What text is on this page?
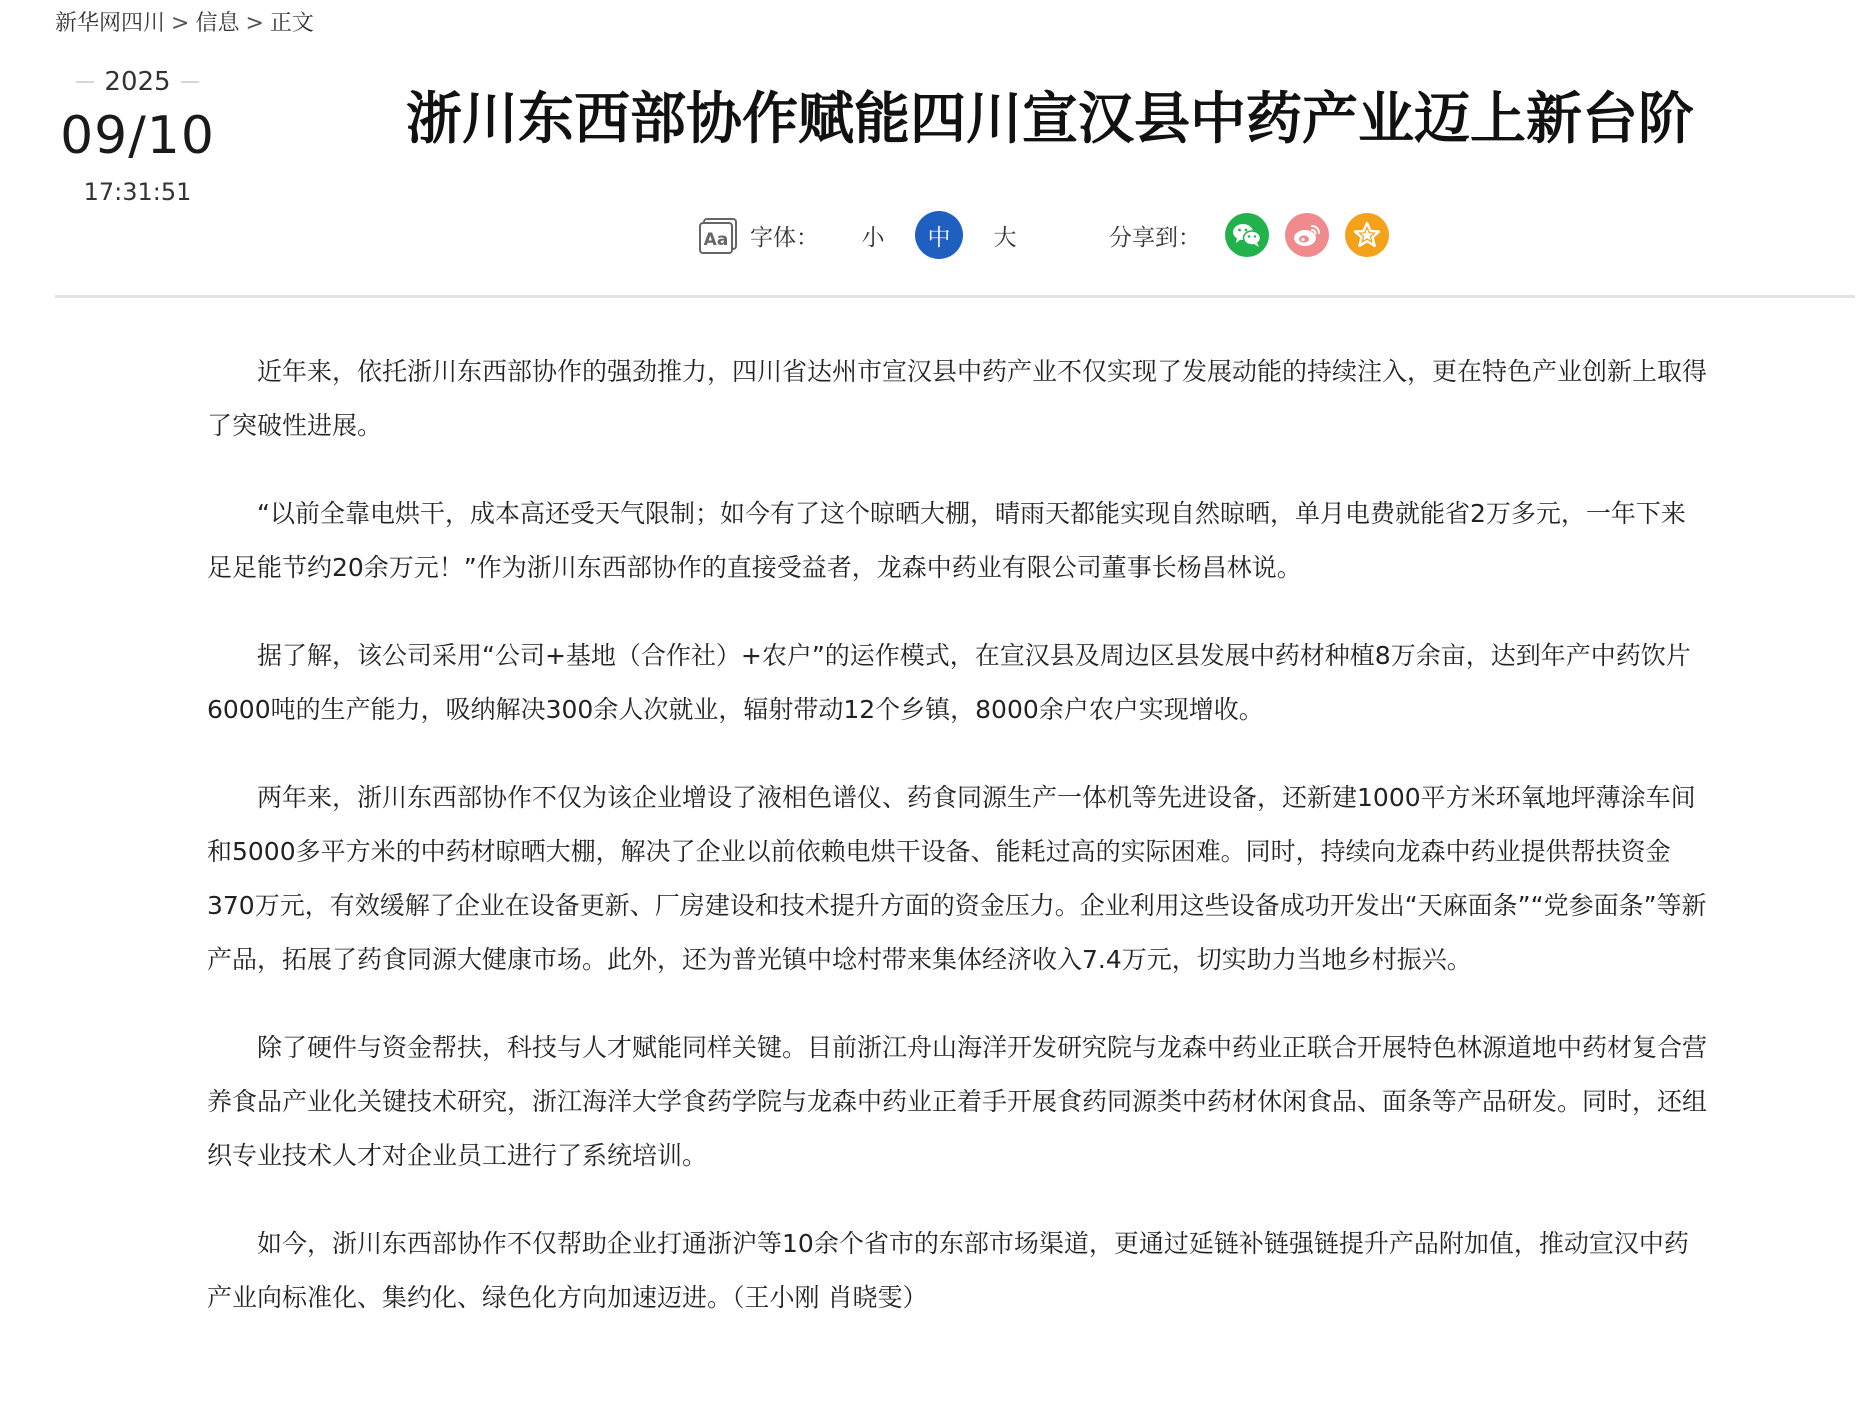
新华网四川 > 信息 > 正文
2025
09/10
17:31:51
浙川东西部协作赋能四川宣汉县中药产业迈上新台阶
Aa 字体：	小	中	大	分享到：

近年来，依托浙川东西部协作的强劲推力，四川省达州市宣汉县中药产业不仅实现了发展动能的持续注入，更在特色产业创新上取得了突破性进展。

“以前全靠电烘干，成本高还受天气限制；如今有了这个晾晒大棚，晴雨天都能实现自然晾晒，单月电费就能省2万多元，一年下来足足能节约20余万元！”作为浙川东西部协作的直接受益者，龙森中药业有限公司董事长杨昌林说。

据了解，该公司采用“公司+基地（合作社）+农户”的运作模式，在宣汉县及周边区县发展中药材种植8万余亩，达到年产中药饮片6000吨的生产能力，吸纳解决300余人次就业，辐射带动12个乡镇，8000余户农户实现增收。

两年来，浙川东西部协作不仅为该企业增设了液相色谱仪、药食同源生产一体机等先进设备，还新建1000平方米环氧地坪薄涂车间和5000多平方米的中药材晾晒大棚，解决了企业以前依赖电烘干设备、能耗过高的实际困难。同时，持续向龙森中药业提供帮扶资金370万元，有效缓解了企业在设备更新、厂房建设和技术提升方面的资金压力。企业利用这些设备成功开发出“天麻面条”“党参面条”等新产品，拓展了药食同源大健康市场。此外，还为普光镇中埝村带来集体经济收入7.4万元，切实助力当地乡村振兴。

除了硬件与资金帮扶，科技与人才赋能同样关键。目前浙江舟山海洋开发研究院与龙森中药业正联合开展特色林源道地中药材复合营养食品产业化关键技术研究，浙江海洋大学食药学院与龙森中药业正着手开展食药同源类中药材休闲食品、面条等产品研发。同时，还组织专业技术人才对企业员工进行了系统培训。

如今，浙川东西部协作不仅帮助企业打通浙沪等10余个省市的东部市场渠道，更通过延链补链强链提升产品附加值，推动宣汉中药产业向标准化、集约化、绿色化方向加速迈进。（王小刚 肖晓雯）
